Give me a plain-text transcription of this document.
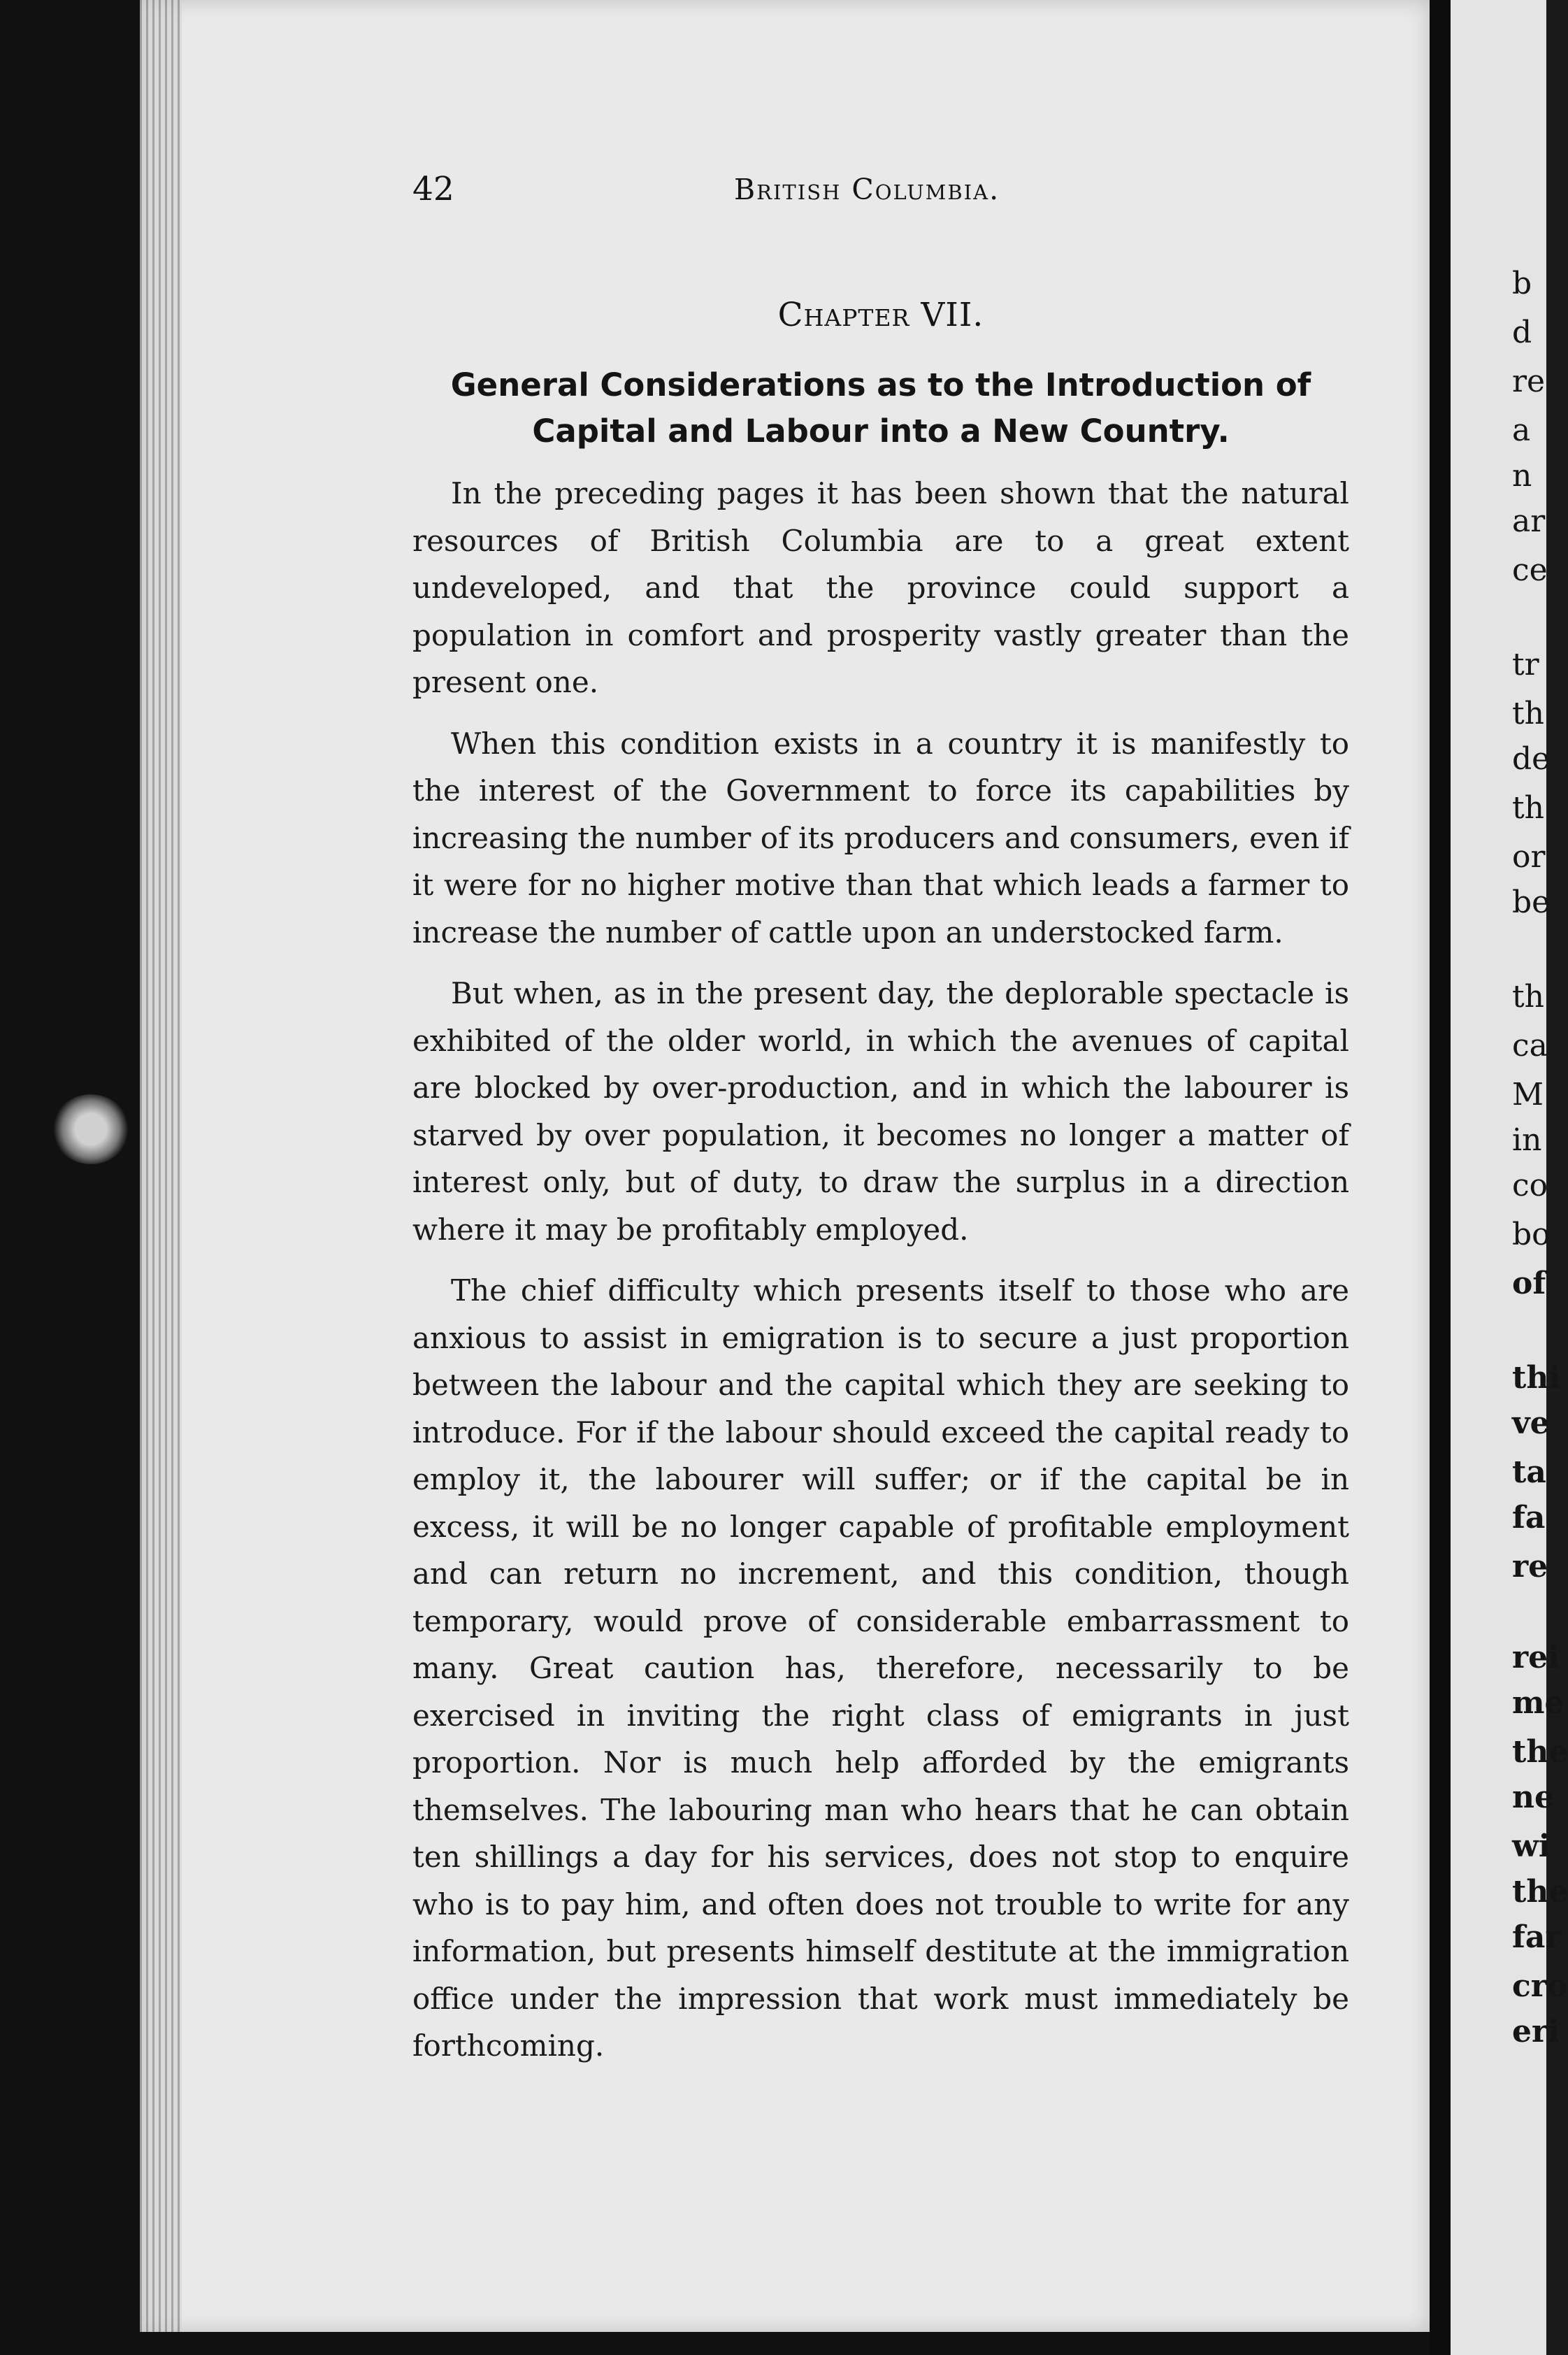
b

d

re

a

n

ar

ce

tr

th

de

th

or

be

th

ca

M

in

co

bo

of

thi

ve

ta

fa

re

rei

me

the

ne

wi

the

far

cro

eri

42	British Columbia.

Chapter VII.

General Considerations as to the Introduction of
Capital and Labour into a New Country.

In the preceding pages it has been shown that the natural resources of British Columbia are to a great extent undeveloped, and that the province could support a population in comfort and prosperity vastly greater than the present one.

When this condition exists in a country it is manifestly to the interest of the Government to force its capabilities by increasing the number of its producers and consumers, even if it were for no higher motive than that which leads a farmer to increase the number of cattle upon an understocked farm.

But when, as in the present day, the deplorable spectacle is exhibited of the older world, in which the avenues of capital are blocked by over-production, and in which the labourer is starved by over population, it becomes no longer a matter of interest only, but of duty, to draw the surplus in a direction where it may be profitably employed.

The chief difficulty which presents itself to those who are anxious to assist in emigration is to secure a just proportion between the labour and the capital which they are seeking to introduce. For if the labour should exceed the capital ready to employ it, the labourer will suffer; or if the capital be in excess, it will be no longer capable of profitable employment and can return no increment, and this condition, though temporary, would prove of considerable embarrassment to many. Great caution has, therefore, necessarily to be exercised in inviting the right class of emigrants in just proportion. Nor is much help afforded by the emigrants themselves. The labouring man who hears that he can obtain ten shillings a day for his services, does not stop to enquire who is to pay him, and often does not trouble to write for any information, but presents himself destitute at the immigration office under the impression that work must immediately be forthcoming.
